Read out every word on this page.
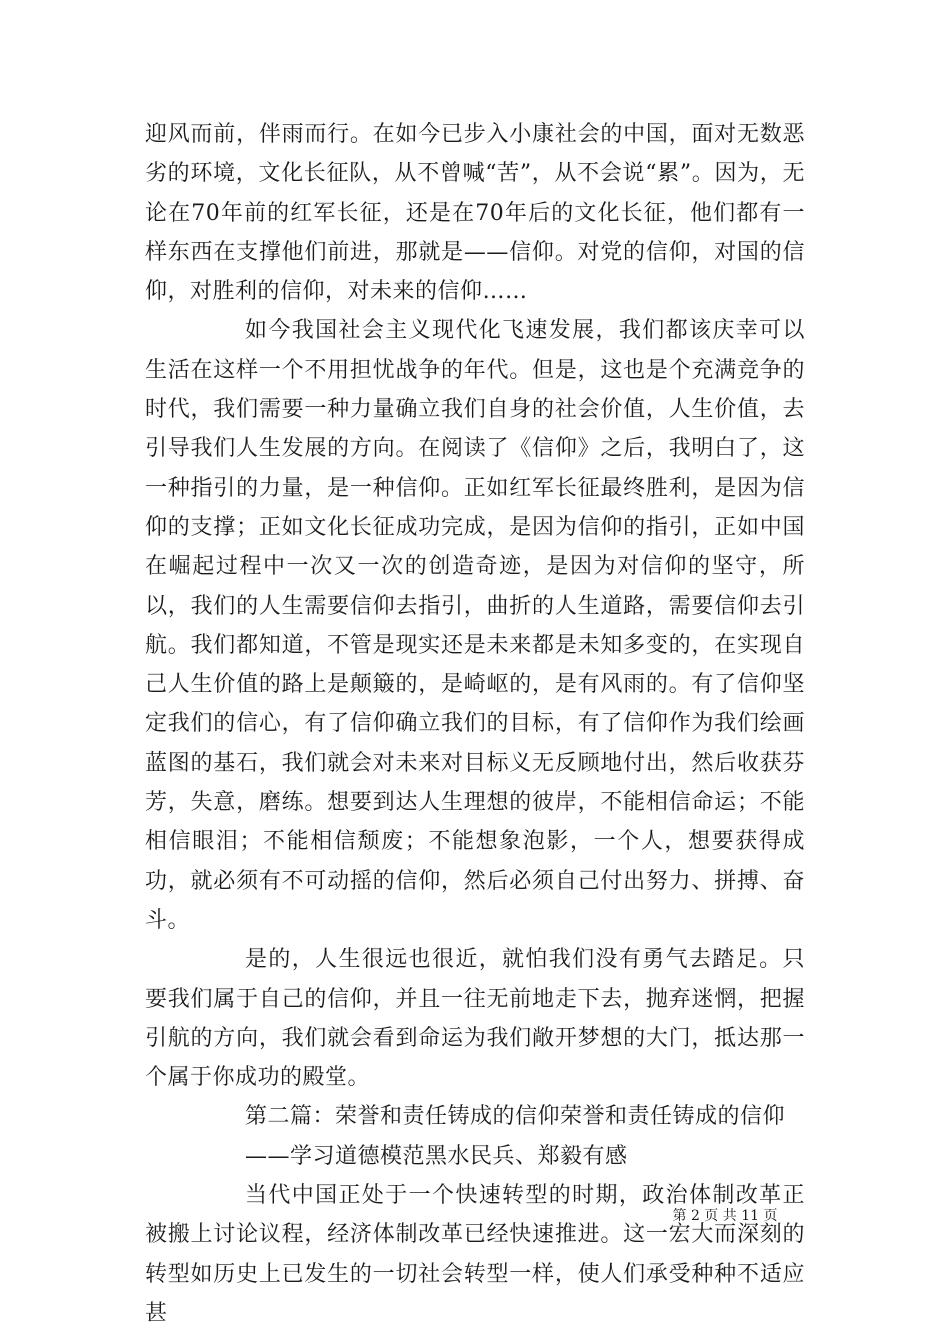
迎风而前，伴雨而行。在如今已步入小康社会的中国，面对无数恶劣的环境，文化长征队，从不曾喊“苦”，从不会说“累”。因为，无论在70年前的红军长征，还是在70年后的文化长征，他们都有一样东西在支撑他们前进，那就是——信仰。对党的信仰，对国的信仰，对胜利的信仰，对未来的信仰……

如今我国社会主义现代化飞速发展，我们都该庆幸可以生活在这样一个不用担忧战争的年代。但是，这也是个充满竞争的时代，我们需要一种力量确立我们自身的社会价值，人生价值，去引导我们人生发展的方向。在阅读了《信仰》之后，我明白了，这一种指引的力量，是一种信仰。正如红军长征最终胜利，是因为信仰的支撑；正如文化长征成功完成，是因为信仰的指引，正如中国在崛起过程中一次又一次的创造奇迹，是因为对信仰的坚守，所以，我们的人生需要信仰去指引，曲折的人生道路，需要信仰去引航。我们都知道，不管是现实还是未来都是未知多变的，在实现自己人生价值的路上是颠簸的，是崎岖的，是有风雨的。有了信仰坚定我们的信心，有了信仰确立我们的目标，有了信仰作为我们绘画蓝图的基石，我们就会对未来对目标义无反顾地付出，然后收获芬芳，失意，磨练。想要到达人生理想的彼岸，不能相信命运；不能相信眼泪；不能相信颓废；不能想象泡影，一个人，想要获得成功，就必须有不可动摇的信仰，然后必须自己付出努力、拼搏、奋斗。

是的，人生很远也很近，就怕我们没有勇气去踏足。只要我们属于自己的信仰，并且一往无前地走下去，抛弃迷惘，把握引航的方向，我们就会看到命运为我们敞开梦想的大门，抵达那一个属于你成功的殿堂。

第二篇：荣誉和责任铸成的信仰荣誉和责任铸成的信仰

——学习道德模范黑水民兵、郑毅有感

当代中国正处于一个快速转型的时期，政治体制改革正被搬上讨论议程，经济体制改革已经快速推进。这一宏大而深刻的转型如历史上已发生的一切社会转型一样，使人们承受种种不适应甚

第 2 页 共 11 页
